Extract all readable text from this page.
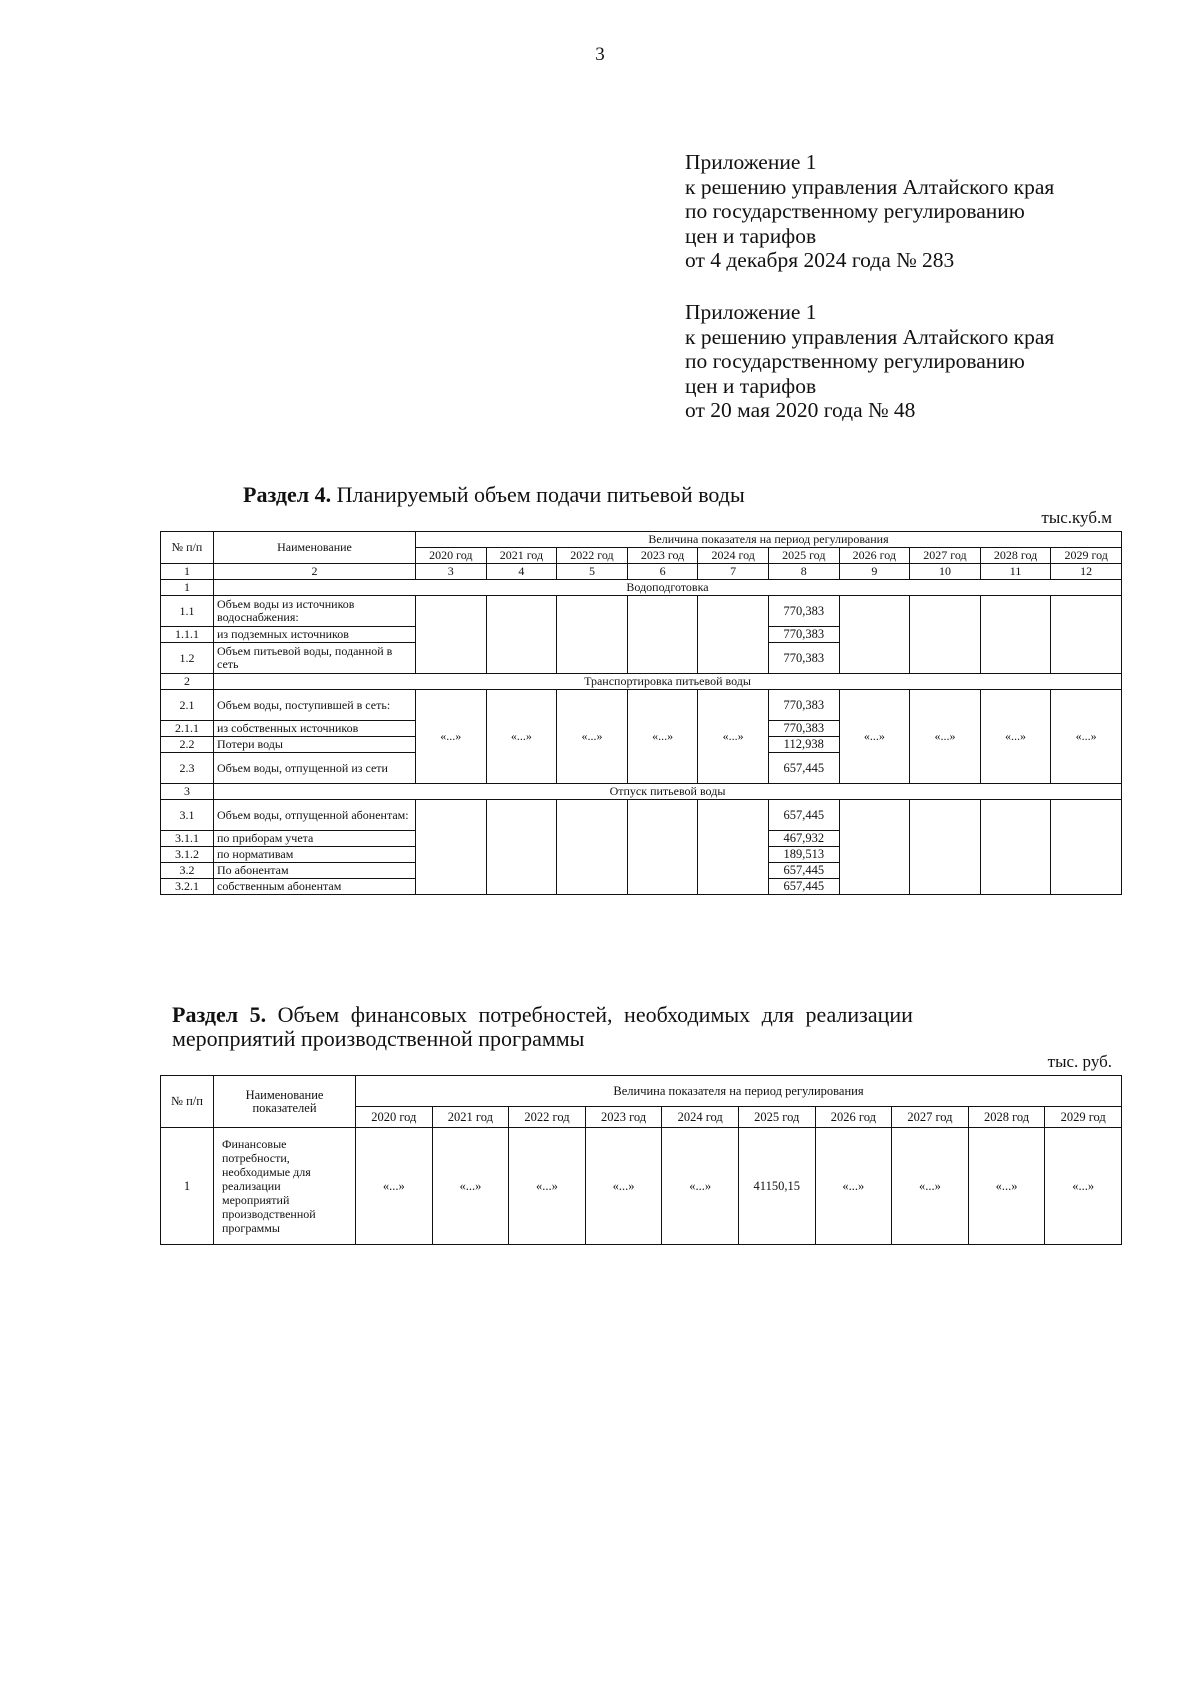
3
Приложение 1
к решению управления Алтайского края
по государственному регулированию
цен и тарифов
от 4 декабря 2024 года № 283
Приложение 1
к решению управления Алтайского края
по государственному регулированию
цен и тарифов
от 20 мая 2020 года № 48
Раздел 4. Планируемый объем подачи питьевой воды
тыс.куб.м
№ п/п	Наименование	Величина показателя на период регулирования									
		2020 год	2021 год	2022 год	2023 год	2024 год	2025 год	2026 год	2027 год	2028 год	2029 год
1	2	3	4	5	6	7	8	9	10	11	12
1	Водоподготовка										
1.1	Объем воды из источников водоснабжения:						770,383				
1.1.1	из подземных источников						770,383				
1.2	Объем питьевой воды, поданной в сеть						770,383				
2	Транспортировка питьевой воды										
2.1	Объем воды, поступившей в сеть:	«...»	«...»	«...»	«...»	«...»	770,383	«...»	«...»	«...»	«...»
2.1.1	из собственных источников						770,383				
2.2	Потери воды						112,938				
2.3	Объем воды, отпущенной из сети						657,445				
3	Отпуск питьевой воды										
3.1	Объем воды, отпущенной абонентам:						657,445				
3.1.1	по приборам учета						467,932				
3.1.2	по нормативам						189,513				
3.2	По абонентам						657,445				
3.2.1	собственным абонентам						657,445				
Раздел 5. Объем финансовых потребностей, необходимых для реализации
мероприятий производственной программы
тыс. руб.
№ п/п	Наименование показателей	Величина показателя на период регулирования									
		2020 год	2021 год	2022 год	2023 год	2024 год	2025 год	2026 год	2027 год	2028 год	2029 год
1	Финансовые потребности, необходимые для реализации мероприятий производственной программы	«...»	«...»	«...»	«...»	«...»	41150,15	«...»	«...»	«...»	«...»
